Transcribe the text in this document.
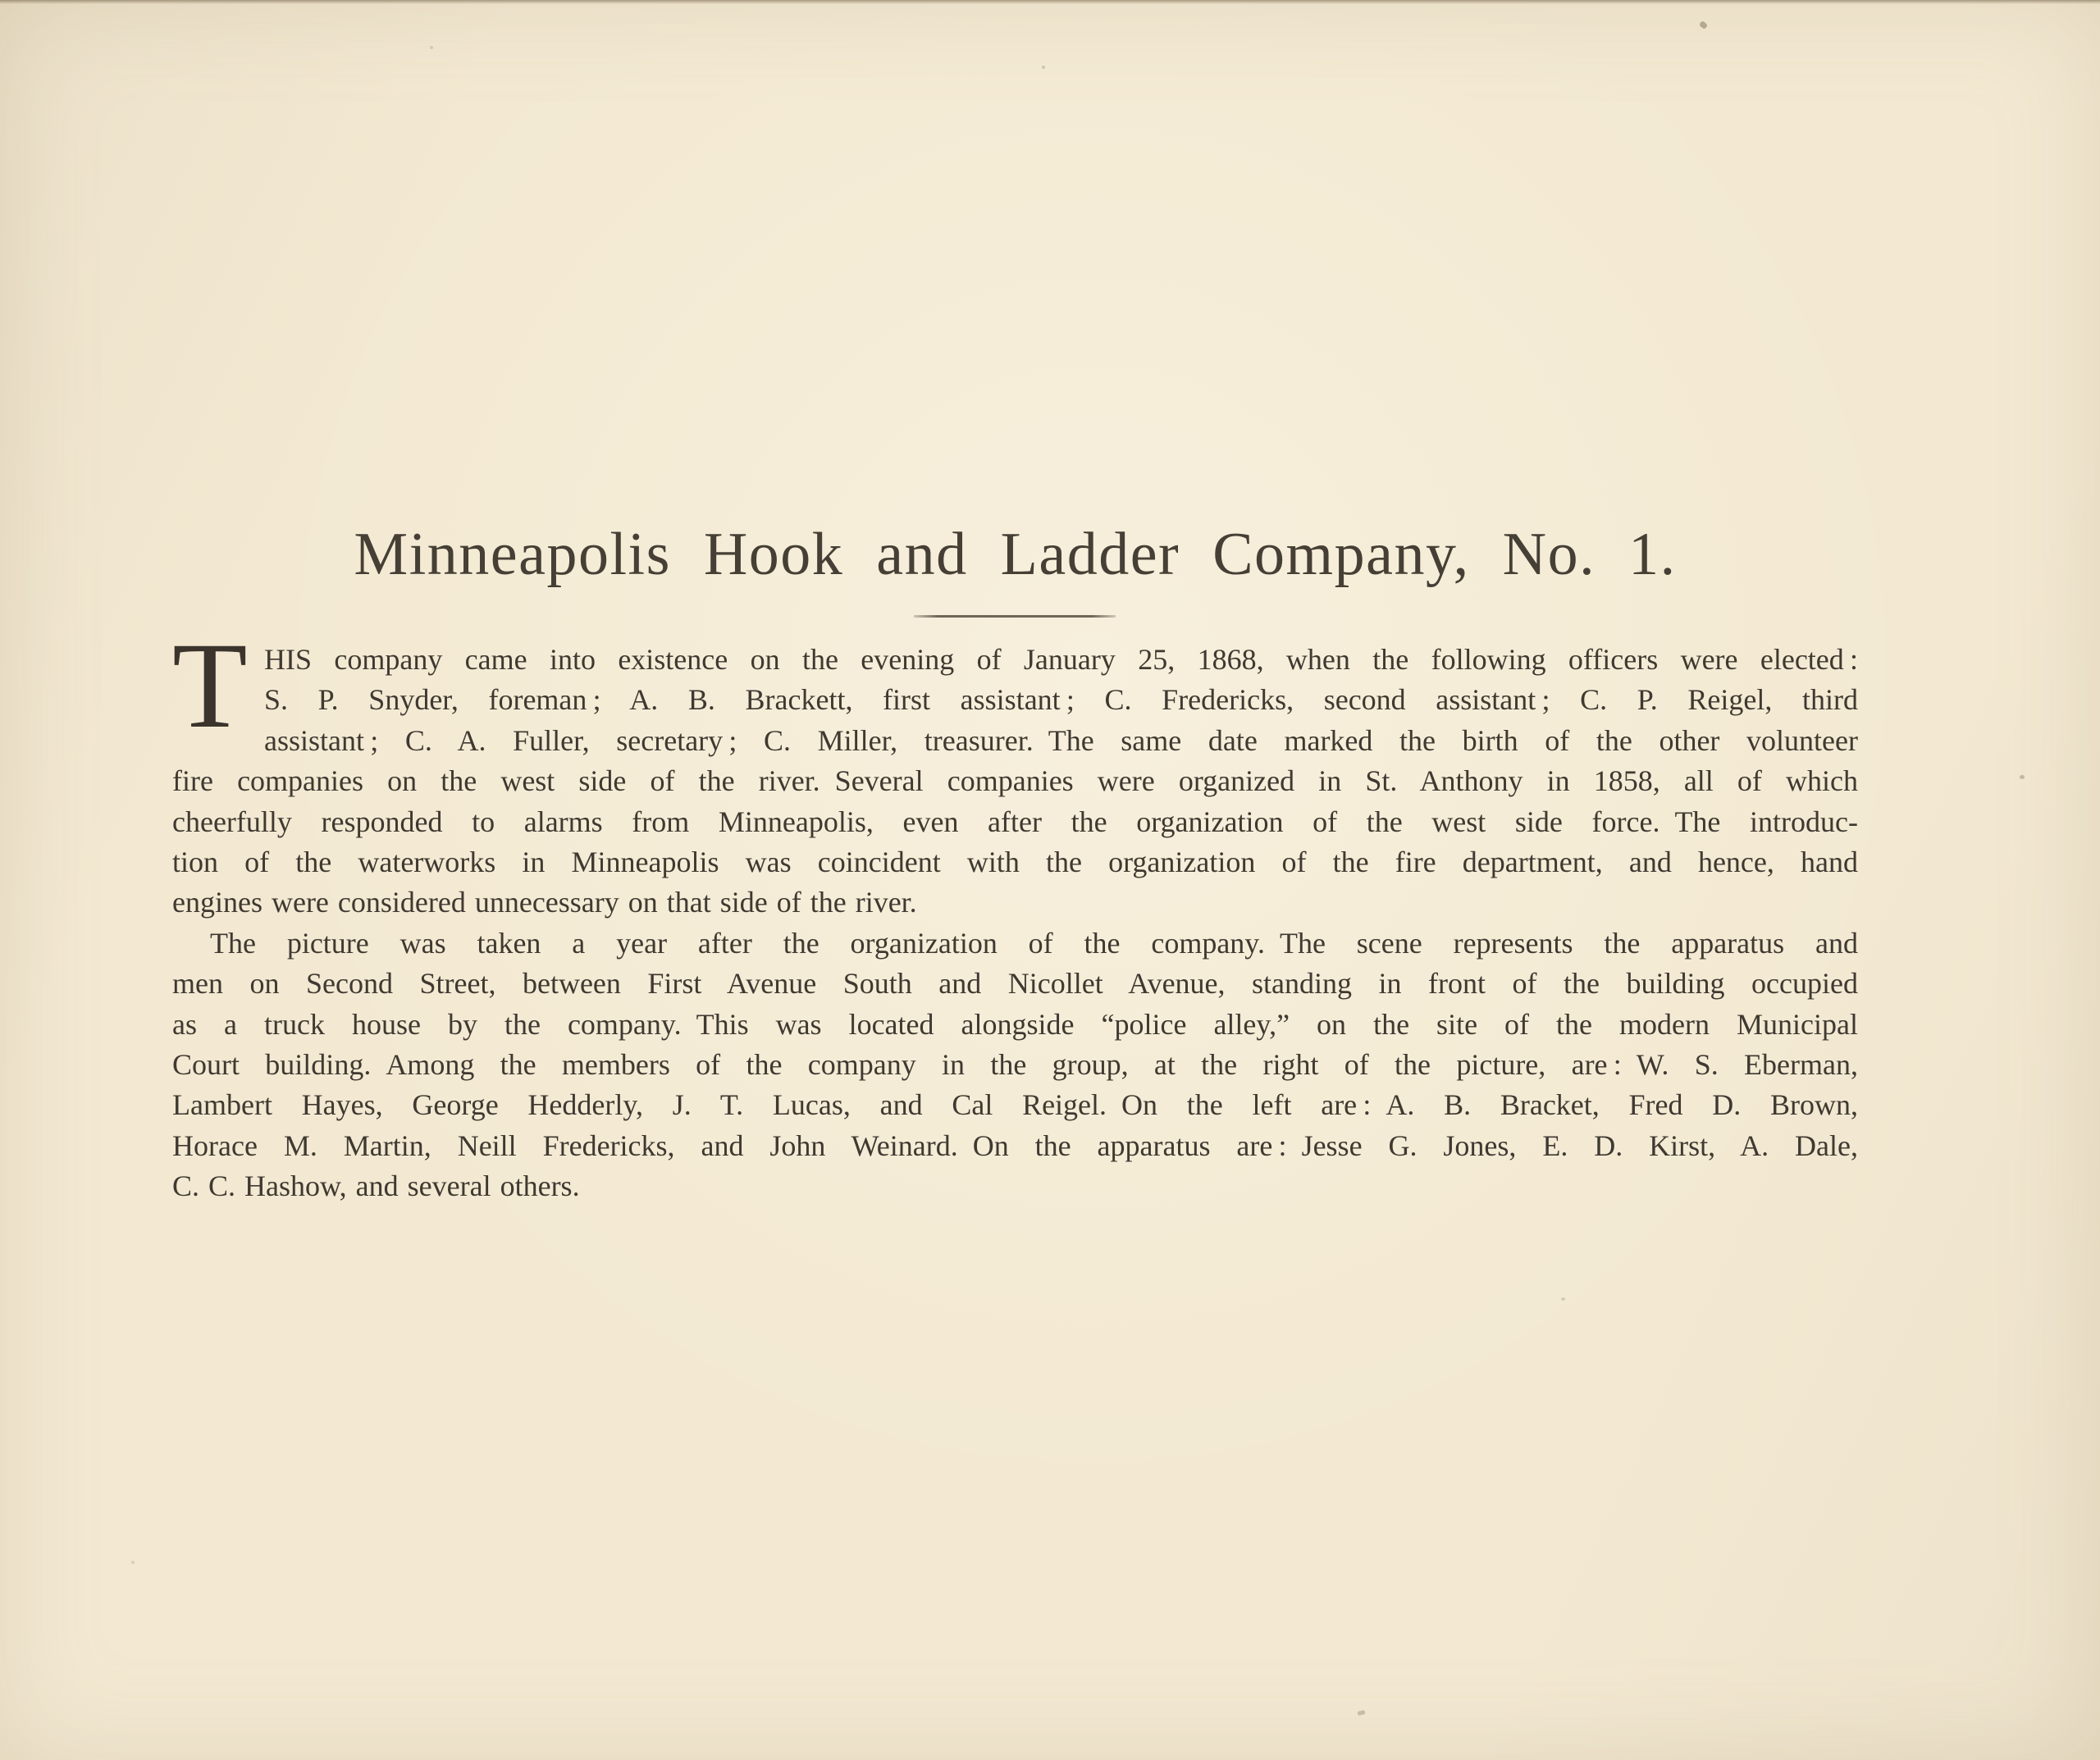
Minneapolis Hook and Ladder Company, No. 1.
T HIS company came into existence on the evening of January 25, 1868, when the following officers were elected :
S. P. Snyder, foreman ; A. B. Brackett, first assistant ; C. Fredericks, second assistant ; C. P. Reigel, third
assistant ; C. A. Fuller, secretary ; C. Miller, treasurer. The same date marked the birth of the other volunteer
fire companies on the west side of the river. Several companies were organized in St. Anthony in 1858, all of which
cheerfully responded to alarms from Minneapolis, even after the organization of the west side force. The introduc-
tion of the waterworks in Minneapolis was coincident with the organization of the fire department, and hence, hand
engines were considered unnecessary on that side of the river.
The picture was taken a year after the organization of the company. The scene represents the apparatus and
men on Second Street, between First Avenue South and Nicollet Avenue, standing in front of the building occupied
as a truck house by the company. This was located alongside “police alley,” on the site of the modern Municipal
Court building. Among the members of the company in the group, at the right of the picture, are : W. S. Eberman,
Lambert Hayes, George Hedderly, J. T. Lucas, and Cal Reigel. On the left are : A. B. Bracket, Fred D. Brown,
Horace M. Martin, Neill Fredericks, and John Weinard. On the apparatus are : Jesse G. Jones, E. D. Kirst, A. Dale,
C. C. Hashow, and several others.
